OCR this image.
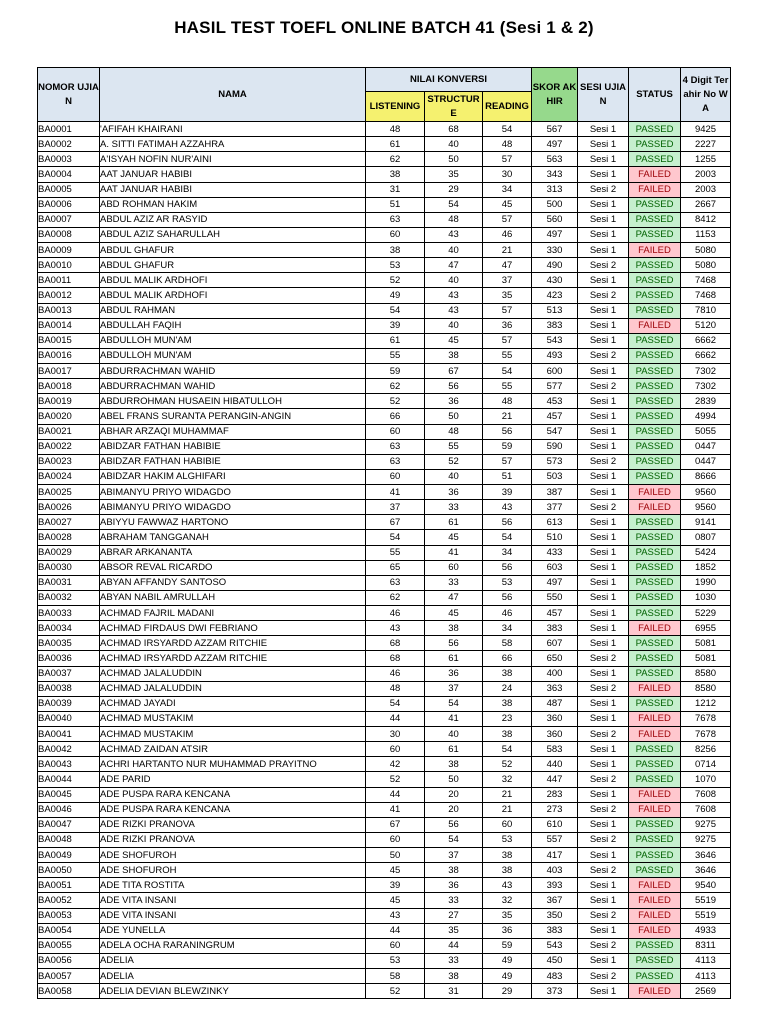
HASIL TEST TOEFL ONLINE BATCH 41 (Sesi 1 & 2)
NOMOR UJIAN	NAMA	NILAI KONVERSI			SKOR AKHIR	SESI UJIAN	STATUS	4 Digit Terahir No WA
		LISTENING	STRUCTURE	READING				
BA0001	'AFIFAH KHAIRANI	48	68	54	567	Sesi 1	PASSED	9425
BA0002	A. SITTI FATIMAH AZZAHRA	61	40	48	497	Sesi 1	PASSED	2227
BA0003	A'ISYAH NOFIN NUR'AINI	62	50	57	563	Sesi 1	PASSED	1255
BA0004	AAT JANUAR HABIBI	38	35	30	343	Sesi 1	FAILED	2003
BA0005	AAT JANUAR HABIBI	31	29	34	313	Sesi 2	FAILED	2003
BA0006	ABD ROHMAN HAKIM	51	54	45	500	Sesi 1	PASSED	2667
BA0007	ABDUL AZIZ AR RASYID	63	48	57	560	Sesi 1	PASSED	8412
BA0008	ABDUL AZIZ SAHARULLAH	60	43	46	497	Sesi 1	PASSED	1153
BA0009	ABDUL GHAFUR	38	40	21	330	Sesi 1	FAILED	5080
BA0010	ABDUL GHAFUR	53	47	47	490	Sesi 2	PASSED	5080
BA0011	ABDUL MALIK ARDHOFI	52	40	37	430	Sesi 1	PASSED	7468
BA0012	ABDUL MALIK ARDHOFI	49	43	35	423	Sesi 2	PASSED	7468
BA0013	ABDUL RAHMAN	54	43	57	513	Sesi 1	PASSED	7810
BA0014	ABDULLAH FAQIH	39	40	36	383	Sesi 1	FAILED	5120
BA0015	ABDULLOH MUN'AM	61	45	57	543	Sesi 1	PASSED	6662
BA0016	ABDULLOH MUN'AM	55	38	55	493	Sesi 2	PASSED	6662
BA0017	ABDURRACHMAN WAHID	59	67	54	600	Sesi 1	PASSED	7302
BA0018	ABDURRACHMAN WAHID	62	56	55	577	Sesi 2	PASSED	7302
BA0019	ABDURROHMAN HUSAEIN HIBATULLOH	52	36	48	453	Sesi 1	PASSED	2839
BA0020	ABEL FRANS SURANTA PERANGIN-ANGIN	66	50	21	457	Sesi 1	PASSED	4994
BA0021	ABHAR ARZAQI MUHAMMAF	60	48	56	547	Sesi 1	PASSED	5055
BA0022	ABIDZAR FATHAN HABIBIE	63	55	59	590	Sesi 1	PASSED	0447
BA0023	ABIDZAR FATHAN HABIBIE	63	52	57	573	Sesi 2	PASSED	0447
BA0024	ABIDZAR HAKIM ALGHIFARI	60	40	51	503	Sesi 1	PASSED	8666
BA0025	ABIMANYU PRIYO WIDAGDO	41	36	39	387	Sesi 1	FAILED	9560
BA0026	ABIMANYU PRIYO WIDAGDO	37	33	43	377	Sesi 2	FAILED	9560
BA0027	ABIYYU FAWWAZ HARTONO	67	61	56	613	Sesi 1	PASSED	9141
BA0028	ABRAHAM TANGGANAH	54	45	54	510	Sesi 1	PASSED	0807
BA0029	ABRAR ARKANANTA	55	41	34	433	Sesi 1	PASSED	5424
BA0030	ABSOR REVAL RICARDO	65	60	56	603	Sesi 1	PASSED	1852
BA0031	ABYAN AFFANDY SANTOSO	63	33	53	497	Sesi 1	PASSED	1990
BA0032	ABYAN NABIL AMRULLAH	62	47	56	550	Sesi 1	PASSED	1030
BA0033	ACHMAD FAJRIL MADANI	46	45	46	457	Sesi 1	PASSED	5229
BA0034	ACHMAD FIRDAUS DWI FEBRIANO	43	38	34	383	Sesi 1	FAILED	6955
BA0035	ACHMAD IRSYARDD AZZAM RITCHIE	68	56	58	607	Sesi 1	PASSED	5081
BA0036	ACHMAD IRSYARDD AZZAM RITCHIE	68	61	66	650	Sesi 2	PASSED	5081
BA0037	ACHMAD JALALUDDIN	46	36	38	400	Sesi 1	PASSED	8580
BA0038	ACHMAD JALALUDDIN	48	37	24	363	Sesi 2	FAILED	8580
BA0039	ACHMAD JAYADI	54	54	38	487	Sesi 1	PASSED	1212
BA0040	ACHMAD MUSTAKIM	44	41	23	360	Sesi 1	FAILED	7678
BA0041	ACHMAD MUSTAKIM	30	40	38	360	Sesi 2	FAILED	7678
BA0042	ACHMAD ZAIDAN ATSIR	60	61	54	583	Sesi 1	PASSED	8256
BA0043	ACHRI HARTANTO NUR MUHAMMAD PRAYITNO	42	38	52	440	Sesi 1	PASSED	0714
BA0044	ADE PARID	52	50	32	447	Sesi 2	PASSED	1070
BA0045	ADE PUSPA RARA KENCANA	44	20	21	283	Sesi 1	FAILED	7608
BA0046	ADE PUSPA RARA KENCANA	41	20	21	273	Sesi 2	FAILED	7608
BA0047	ADE RIZKI PRANOVA	67	56	60	610	Sesi 1	PASSED	9275
BA0048	ADE RIZKI PRANOVA	60	54	53	557	Sesi 2	PASSED	9275
BA0049	ADE SHOFUROH	50	37	38	417	Sesi 1	PASSED	3646
BA0050	ADE SHOFUROH	45	38	38	403	Sesi 2	PASSED	3646
BA0051	ADE TITA ROSTITA	39	36	43	393	Sesi 1	FAILED	9540
BA0052	ADE VITA INSANI	45	33	32	367	Sesi 1	FAILED	5519
BA0053	ADE VITA INSANI	43	27	35	350	Sesi 2	FAILED	5519
BA0054	ADE YUNELLA	44	35	36	383	Sesi 1	FAILED	4933
BA0055	ADELA OCHA RARANINGRUM	60	44	59	543	Sesi 2	PASSED	8311
BA0056	ADELIA	53	33	49	450	Sesi 1	PASSED	4113
BA0057	ADELIA	58	38	49	483	Sesi 2	PASSED	4113
BA0058	ADELIA DEVIAN BLEWZINKY	52	31	29	373	Sesi 1	FAILED	2569
